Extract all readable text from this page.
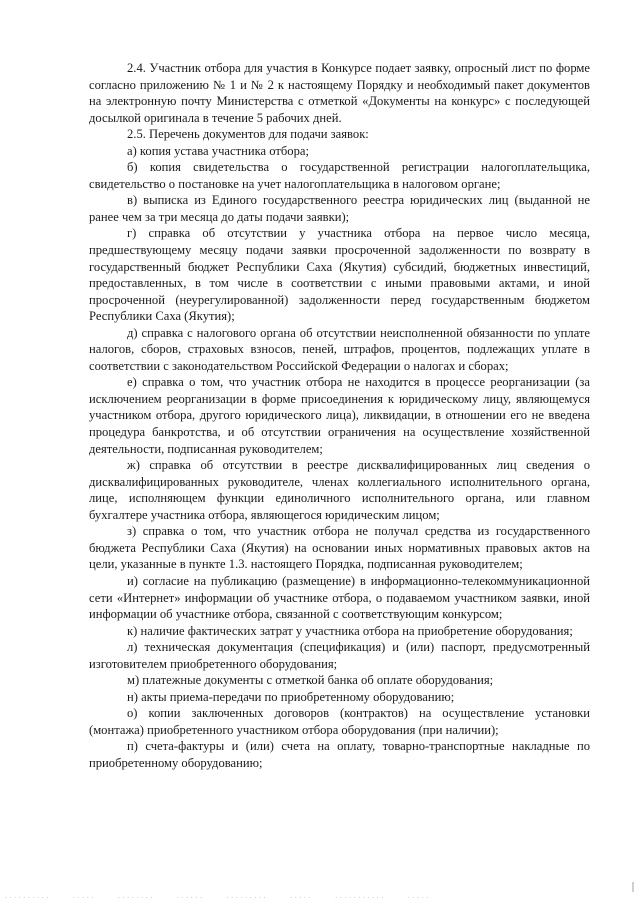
2.4. Участник отбора для участия в Конкурсе подает заявку, опросный лист по форме согласно приложению № 1 и № 2 к настоящему Порядку и необходимый пакет документов на электронную почту Министерства с отметкой «Документы на конкурс» с последующей досылкой оригинала в течение 5 рабочих дней.

2.5. Перечень документов для подачи заявок:

а) копия устава участника отбора;

б) копия свидетельства о государственной регистрации налогоплательщика, свидетельство о постановке на учет налогоплательщика в налоговом органе;

в) выписка из Единого государственного реестра юридических лиц (выданной не ранее чем за три месяца до даты подачи заявки);

г) справка об отсутствии у участника отбора на первое число месяца, предшествующему месяцу подачи заявки просроченной задолженности по возврату в государственный бюджет Республики Саха (Якутия) субсидий, бюджетных инвестиций, предоставленных, в том числе в соответствии с иными правовыми актами, и иной просроченной (неурегулированной) задолженности перед государственным бюджетом Республики Саха (Якутия);

д) справка с налогового органа об отсутствии неисполненной обязанности по уплате налогов, сборов, страховых взносов, пеней, штрафов, процентов, подлежащих уплате в соответствии с законодательством Российской Федерации о налогах и сборах;

е) справка о том, что участник отбора не находится в процессе реорганизации (за исключением реорганизации в форме присоединения к юридическому лицу, являющемуся участником отбора, другого юридического лица), ликвидации, в отношении его не введена процедура банкротства, и об отсутствии ограничения на осуществление хозяйственной деятельности, подписанная руководителем;

ж) справка об отсутствии в реестре дисквалифицированных лиц сведения о дисквалифицированных руководителе, членах коллегиального исполнительного органа, лице, исполняющем функции единоличного исполнительного органа, или главном бухгалтере участника отбора, являющегося юридическим лицом;

з) справка о том, что участник отбора не получал средства из государственного бюджета Республики Саха (Якутия) на основании иных нормативных правовых актов на цели, указанные в пункте 1.3. настоящего Порядка, подписанная руководителем;

и) согласие на публикацию (размещение) в информационно-телекоммуникационной сети «Интернет» информации об участнике отбора, о подаваемом участником заявки, иной информации об участнике отбора, связанной с соответствующим конкурсом;

к) наличие фактических затрат у участника отбора на приобретение оборудования;

л) техническая документация (спецификация) и (или) паспорт, предусмотренный изготовителем приобретенного оборудования;

м) платежные документы с отметкой банка об оплате оборудования;

н) акты приема-передачи по приобретенному оборудованию;

о) копии заключенных договоров (контрактов) на осуществление установки (монтажа) приобретенного участником отбора оборудования (при наличии);

п) счета-фактуры и (или) счета на оплату, товарно-транспортные накладные по приобретенному оборудованию;

..........	.....	........	......	.........	.....	...........	.....
